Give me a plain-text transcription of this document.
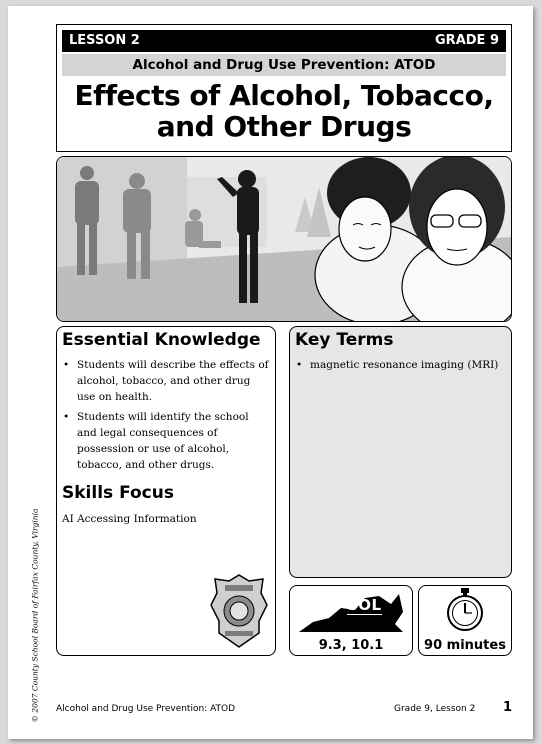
LESSON 2	GRADE 9
Alcohol and Drug Use Prevention: ATOD
Effects of Alcohol, Tobacco,
and Other Drugs
Essential Knowledge
• Students will describe the effects of alcohol, tobacco, and other drug use on health.
• Students will identify the school and legal consequences of possession or use of alcohol, tobacco, and other drugs.
Skills Focus
AI Accessing Information
Key Terms
• magnetic resonance imaging (MRI)
VA SOL
9.3, 10.1	90 minutes
© 2007 County School Board of Fairfax County, Virginia Alcohol and Drug Use Prevention: ATOD	Grade 9, Lesson 2 1
